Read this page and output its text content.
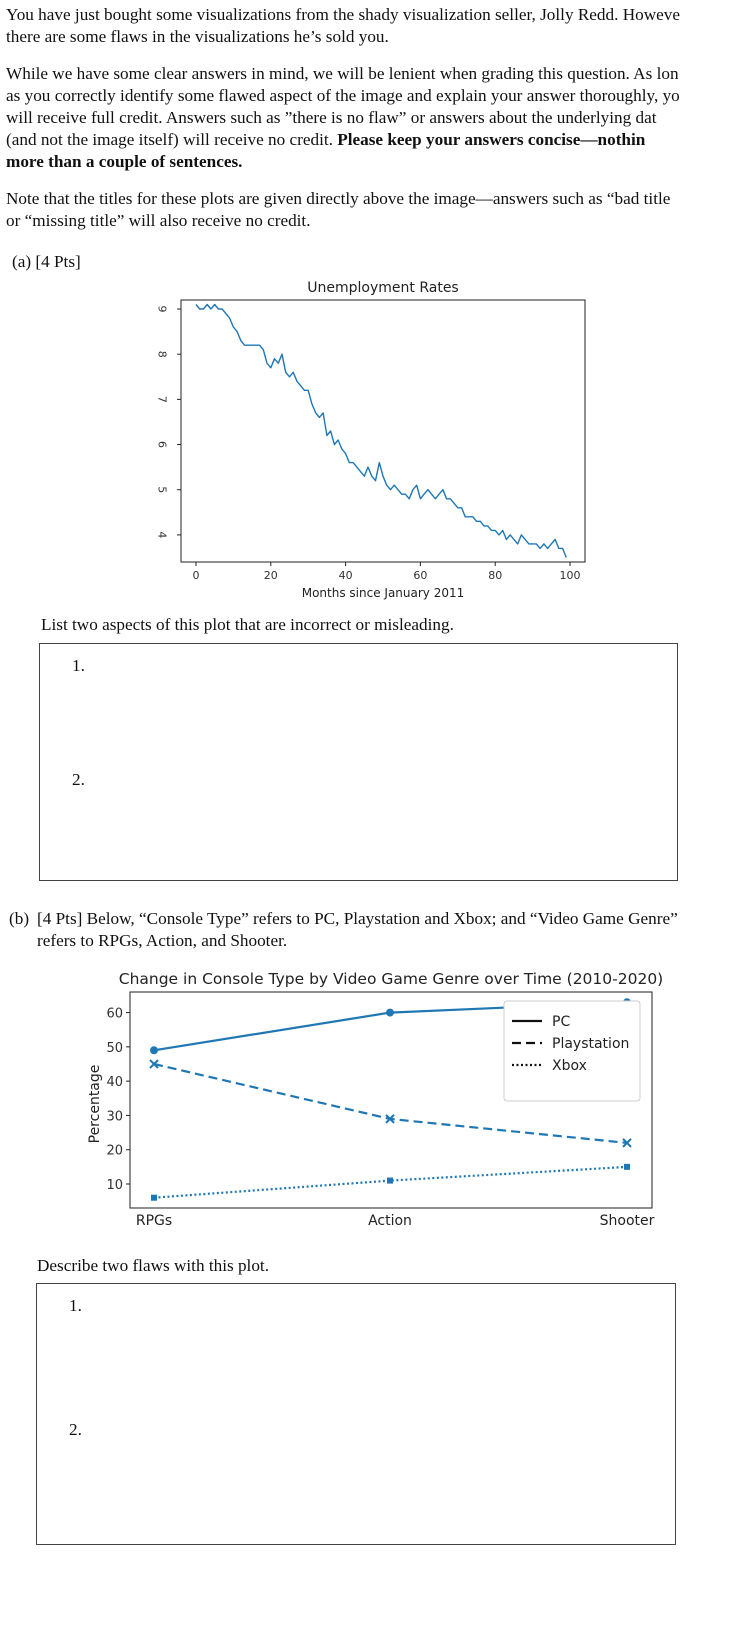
You have just bought some visualizations from the shady visualization seller, Jolly Redd. Howeve
there are some flaws in the visualizations he’s sold you.
While we have some clear answers in mind, we will be lenient when grading this question. As lon
as you correctly identify some flawed aspect of the image and explain your answer thoroughly, yo
will receive full credit. Answers such as ”there is no flaw” or answers about the underlying dat
(and not the image itself) will receive no credit. Please keep your answers concise—nothin
more than a couple of sentences.
Note that the titles for these plots are given directly above the image—answers such as “bad title
or “missing title” will also receive no credit.
(a) [4 Pts]
Unemployment Rates
0	20	40	60	80	100
4
5
6
7
8
9
Months since January 2011
List two aspects of this plot that are incorrect or misleading.
1.
2.
(b) [4 Pts] Below, “Console Type” refers to PC, Playstation and Xbox; and “Video Game Genre”
refers to RPGs, Action, and Shooter.
Change in Console Type by Video Game Genre over Time (2010-2020)
10
20
30
40
50
60
RPGs	Action	Shooter
Percentage
PC
Playstation
Xbox
Describe two flaws with this plot.
1.
2.
